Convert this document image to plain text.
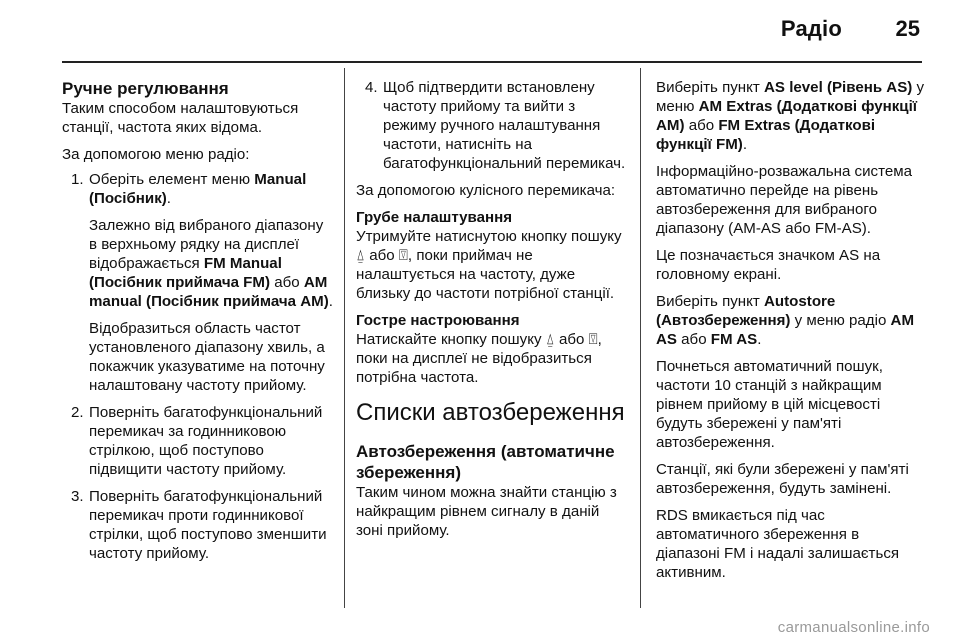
Радіо 25
Ручне регулювання

Таким способом налаштовуються станції, частота яких відома.

За допомогою меню радіо:

1. Оберіть елемент меню Manual (Посібник).

Залежно від вибраного діапазону в верхньому рядку на дисплеї відображається FM Manual (Посібник приймача FM) або AM manual (Посібник приймача AM).

Відобразиться область частот установленого діапазону хвиль, а покажчик указуватиме на поточну налаштовану частоту прийому.

2. Поверніть багатофункціональний перемикач за годинниковою стрілкою, щоб поступово підвищити частоту прийому.

3. Поверніть багатофункціональний перемикач проти годинникової стрілки, щоб поступово зменшити частоту прийому.

4. Щоб підтвердити встановлену частоту прийому та вийти з режиму ручного налаштування частоти, натисніть на багатофункціональний перемикач.

За допомогою кулісного перемикача:

Грубе налаштування

Утримуйте натиснутою кнопку пошуку ⍙ або ⍔, поки приймач не налаштується на частоту, дуже близьку до частоти потрібної станції.

Гостре настроювання

Натискайте кнопку пошуку ⍙ або ⍔, поки на дисплеї не відобразиться потрібна частота.

Списки автозбереження
Автозбереження (автоматичне збереження)

Таким чином можна знайти станцію з найкращим рівнем сигналу в даній зоні прийому.

Виберіть пункт AS level (Рівень AS) у меню AM Extras (Додаткові функції AM) або FM Extras (Додаткові функції FM).

Інформаційно-розважальна система автоматично перейде на рівень автозбереження для вибраного діапазону (AM-AS або FM-AS).

Це позначається значком AS на головному екрані.

Виберіть пункт Autostore (Автозбереження) у меню радіо AM AS або FM AS.

Почнеться автоматичний пошук, частоти 10 станцій з найкращим рівнем прийому в цій місцевості будуть збережені у пам'яті автозбереження.

Станції, які були збережені у пам'яті автозбереження, будуть замінені.

RDS вмикається під час автоматичного збереження в діапазоні FM і надалі залишається активним.

carmanualsonline.info
